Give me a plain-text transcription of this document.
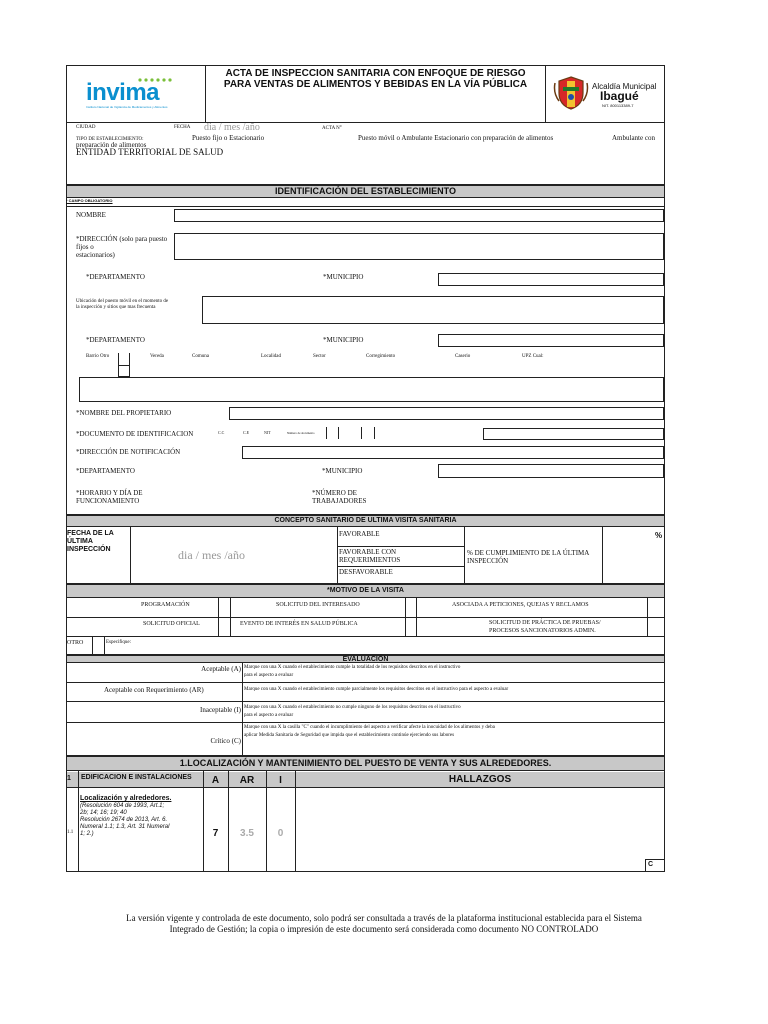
invima
Instituto Nacional de Vigilancia de Medicamentos y Alimentos
ACTA DE INSPECCION SANITARIA CON ENFOQUE DE RIESGO
PARA VENTAS DE ALIMENTOS Y BEBIDAS EN LA VÍA PÚBLICA	Alcaldía Municipal
Ibagué
NIT. 800113389-7
CIUDAD	FECHA dia / mes /año	ACTA N°
TIPO DE ESTABLECIMIENTO:	Puesto fijo o Estacionario	Puesto móvil o Ambulante Estacionario con preparación de alimentos	Ambulante con
preparación de alimentos
ENTIDAD TERRITORIAL DE SALUD
IDENTIFICACIÓN DEL ESTABLECIMIENTO
* CAMPO OBLIGATORIO
NOMBRE
*DIRECCIÓN (solo para puesto
fijos o
estacionarios)
*DEPARTAMENTO	*MUNICIPIO
Ubicación del puesto móvil en el momento de
la inspección y sitios que mas frecuenta
*DEPARTAMENTO	*MUNICIPIO
Barrio Otro	Vereda	Comuna	Localidad	Sector	Corregimiento	Caserio	UPZ Cual:
*NOMBRE DEL PROPIETARIO
*DOCUMENTO DE IDENTIFICACION	C.C	C.E	NIT	Número de documento
*DIRECCIÓN DE NOTIFICACIÓN
*DEPARTAMENTO	*MUNICIPIO
*HORARIO Y DÍA DE
FUNCIONAMIENTO
*NÚMERO DE
TRABAJADORES
CONCEPTO SANITARIO DE ULTIMA VISITA SANITARIA
FECHA DE LA
ÚLTIMA
INSPECCIÓN	dia / mes /año
FAVORABLE
FAVORABLE CON
REQUERIMIENTOS
DESFAVORABLE
% DE CUMPLIMIENTO DE LA ÚLTIMA
INSPECCIÓN
%
*MOTIVO DE LA VISITA
PROGRAMACIÓN	SOLICITUD DEL INTERESADO	ASOCIADA A PETICIONES, QUEJAS Y RECLAMOS
SOLICITUD OFICIAL	EVENTO DE INTERÉS EN SALUD PÚBLICA	SOLICITUD DE PRÁCTICA DE PRUEBAS/
PROCESOS SANCIONATORIOS ADMIN.
OTRO	Especifique:
EVALUACIÓN
Aceptable (A) Marque con una X cuando el establecimiento cumple la totalidad de los requisitos descritos en el instructivo
para el aspecto a evaluar
Aceptable con Requerimiento (AR)	Marque con una X cuando el establecimiento cumple parcialmente los requisitos descritos en el instructivo para el aspecto a evaluar
Inaceptable (I) Marque con una X cuando el establecimiento no cumple ninguno de los requisitos descritos en el instructivo
para el aspecto a evaluar
Crítico (C)
Marque con una X la casilla "C" cuando el incumplimiento del aspecto a verificar afecte la inocuidad de los alimentos y deba
aplicar Medida Sanitaria de Seguridad que impida que el establecimiento continúe ejerciendo sus labores
1.LOCALIZACIÓN Y MANTENIMIENTO DEL PUESTO DE VENTA Y SUS ALREDEDORES.
1 EDIFICACION E INSTALACIONES	A	AR	I	HALLAZGOS
1.1
Localización y alrededores.
(Resolución 604 de 1993, Art.1;
2b; 14; 16; 19; 40
Resolución 2674 de 2013, Art. 6.
Numeral 1.1; 1.3, Art. 31 Numeral
1; 2.)	7	3.5	0
C
La versión vigente y controlada de este documento, solo podrá ser consultada a través de la plataforma institucional establecida para el Sistema
Integrado de Gestión; la copia o impresión de este documento será considerada como documento NO CONTROLADO
